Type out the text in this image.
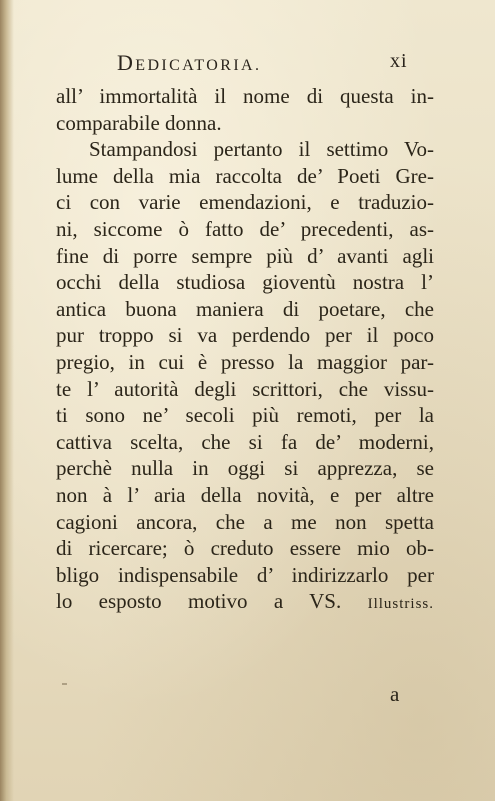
DEDICATORIA.	xi
all’ immortalità il nome di questa in-
comparabile donna.
Stampandosi pertanto il settimo Vo-
lume della mia raccolta de’ Poeti Gre-
ci con varie emendazioni, e traduzio-
ni, siccome ò fatto de’ precedenti, as-
fine di porre sempre più d’ avanti agli
occhi della studiosa gioventù nostra l’
antica buona maniera di poetare, che
pur troppo si va perdendo per il poco
pregio, in cui è presso la maggior par-
te l’ autorità degli scrittori, che vissu-
ti sono ne’ secoli più remoti, per la
cattiva scelta, che si fa de’ moderni,
perchè nulla in oggi si apprezza, se
non à l’ aria della novità, e per altre
cagioni ancora, che a me non spetta
di ricercare; ò creduto essere mio ob-
bligo indispensabile d’ indirizzarlo per
lo esposto motivo a VS. Illustriss.
a
